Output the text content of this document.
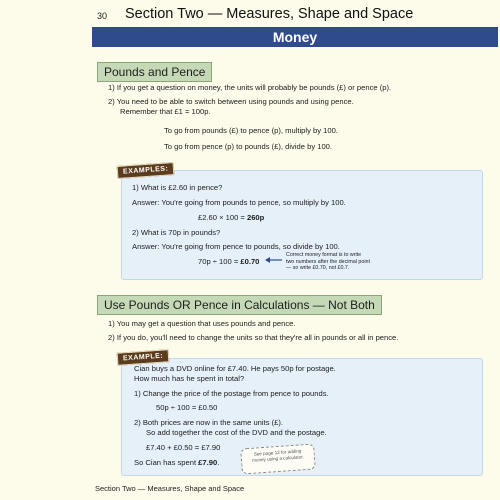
30 Section Two — Measures, Shape and Space
Money
Pounds and Pence
1) If you get a question on money, the units will probably be pounds (£) or pence (p).
2) You need to be able to switch between using pounds and using pence.
Remember that £1 = 100p.
To go from pounds (£) to pence (p), multiply by 100.
To go from pence (p) to pounds (£), divide by 100.
EXAMPLES:
1) What is £2.60 in pence?
Answer: You're going from pounds to pence, so multiply by 100.
£2.60 × 100 = 260p
2) What is 70p in pounds?
Answer: You're going from pence to pounds, so divide by 100.
70p ÷ 100 = £0.70
Correct money format is to write
two numbers after the decimal point
— so write £0.70, not £0.7.
Use Pounds OR Pence in Calculations — Not Both
1) You may get a question that uses pounds and pence.
2) If you do, you'll need to change the units so that they're all in pounds or all in pence.
EXAMPLE:
Cian buys a DVD online for £7.40. He pays 50p for postage.
How much has he spent in total?
1) Change the price of the postage from pence to pounds.
50p ÷ 100 = £0.50
2) Both prices are now in the same units (£).
So add together the cost of the DVD and the postage.
£7.40 + £0.50 = £7.90
See page 12 for adding
money using a calculator.
So Cian has spent £7.90.
Section Two — Measures, Shape and Space
